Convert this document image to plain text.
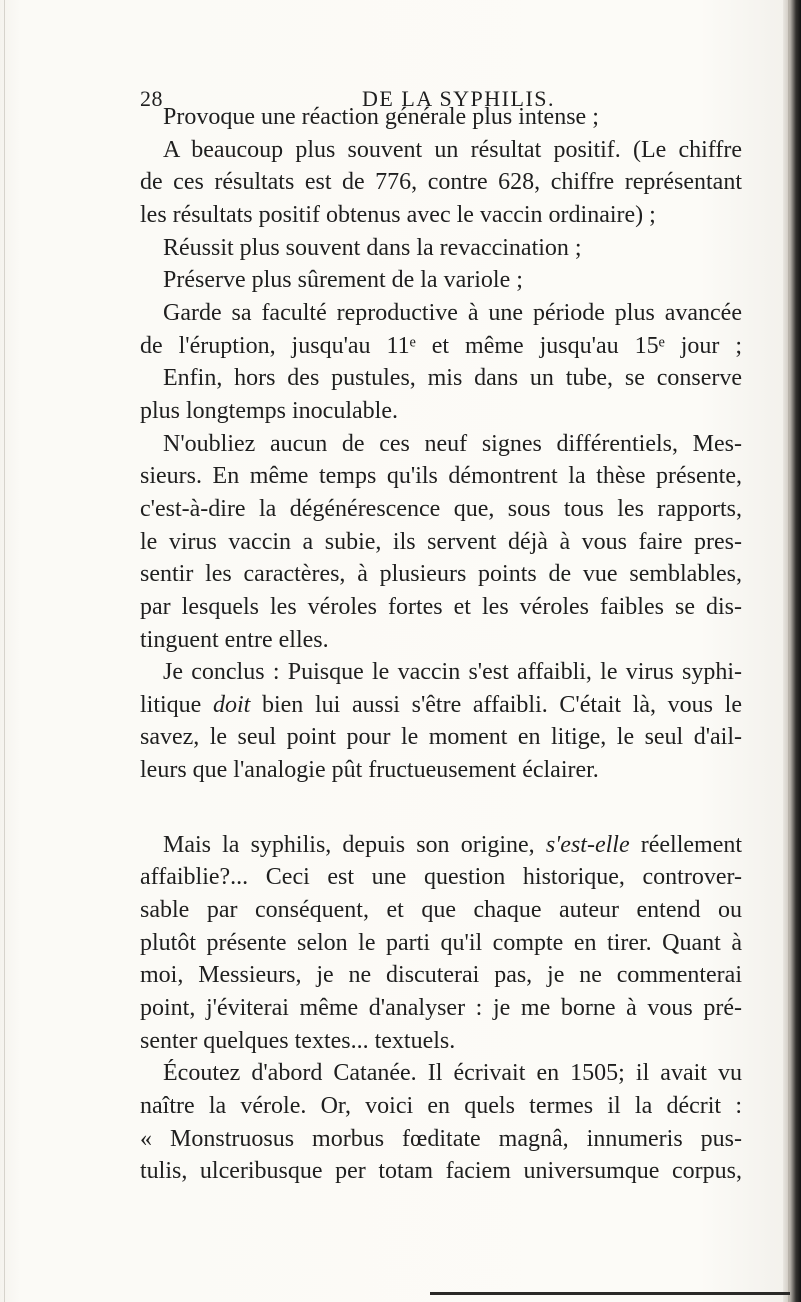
28	DE LA SYPHILIS.
Provoque une réaction générale plus intense ;
A beaucoup plus souvent un résultat positif. (Le chiffre
de ces résultats est de 776, contre 628, chiffre représentant
les résultats positif obtenus avec le vaccin ordinaire) ;
Réussit plus souvent dans la revaccination ;
Préserve plus sûrement de la variole ;
Garde sa faculté reproductive à une période plus avancée
de l'éruption, jusqu'au 11ᵉ et même jusqu'au 15ᵉ jour ;
Enfin, hors des pustules, mis dans un tube, se conserve
plus longtemps inoculable.
N'oubliez aucun de ces neuf signes différentiels, Mes-
sieurs. En même temps qu'ils démontrent la thèse présente,
c'est-à-dire la dégénérescence que, sous tous les rapports,
le virus vaccin a subie, ils servent déjà à vous faire pres-
sentir les caractères, à plusieurs points de vue semblables,
par lesquels les véroles fortes et les véroles faibles se dis-
tinguent entre elles.
Je conclus : Puisque le vaccin s'est affaibli, le virus syphi-
litique doit bien lui aussi s'être affaibli. C'était là, vous le
savez, le seul point pour le moment en litige, le seul d'ail-
leurs que l'analogie pût fructueusement éclairer.
Mais la syphilis, depuis son origine, s'est-elle réellement
affaiblie?... Ceci est une question historique, controver-
sable par conséquent, et que chaque auteur entend ou
plutôt présente selon le parti qu'il compte en tirer. Quant à
moi, Messieurs, je ne discuterai pas, je ne commenterai
point, j'éviterai même d'analyser : je me borne à vous pré-
senter quelques textes... textuels.
Écoutez d'abord Catanée. Il écrivait en 1505; il avait vu
naître la vérole. Or, voici en quels termes il la décrit :
« Monstruosus morbus fœditate magnâ, innumeris pus-
tulis, ulceribusque per totam faciem universumque corpus,
